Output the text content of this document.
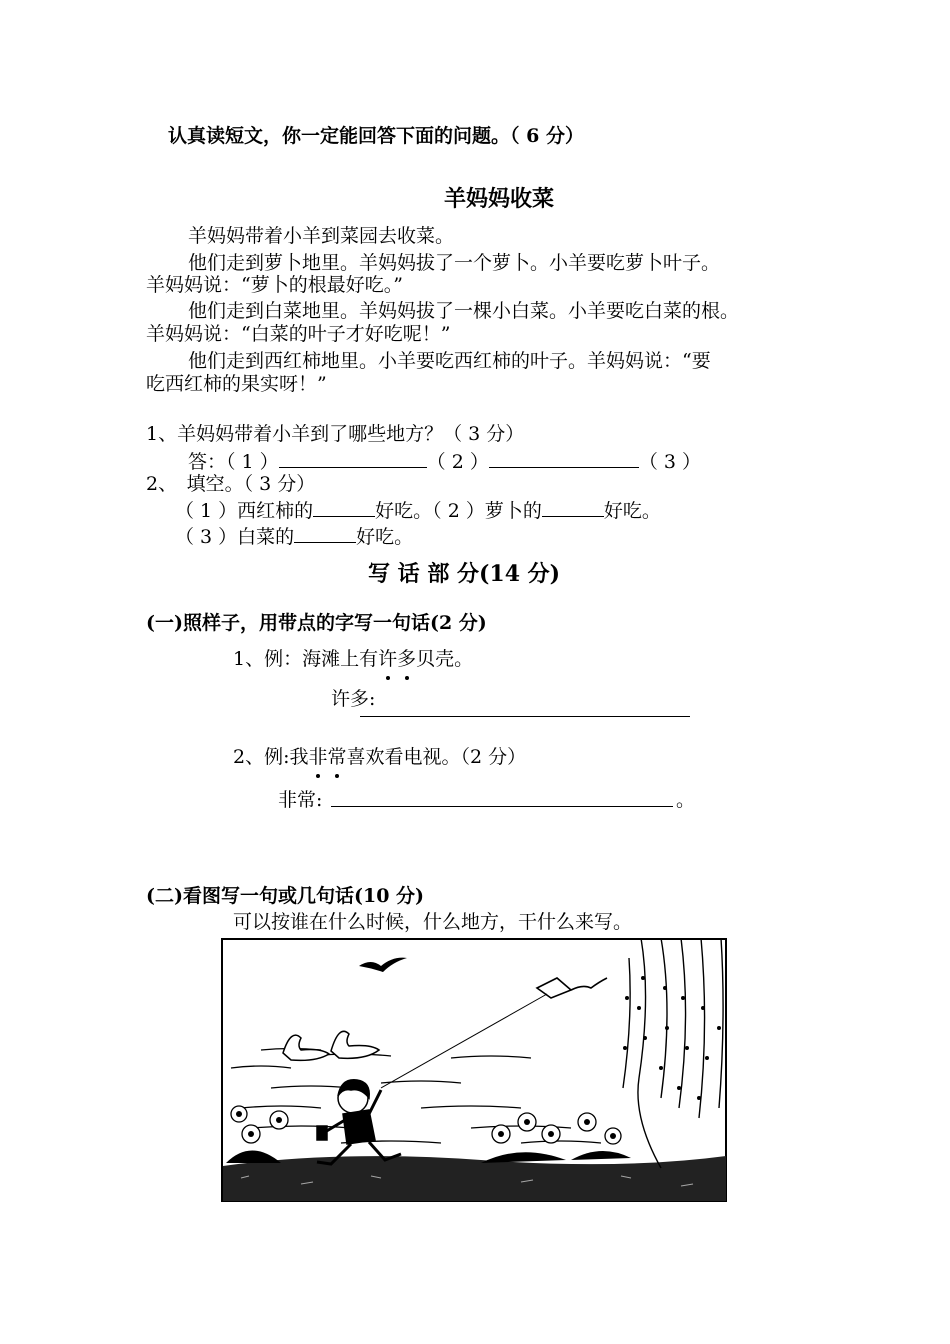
认真读短文，你一定能回答下面的问题。（ 6 分）
羊妈妈收菜
羊妈妈带着小羊到菜园去收菜。
他们走到萝卜地里。羊妈妈拔了一个萝卜。小羊要吃萝卜叶子。
羊妈妈说：“萝卜的根最好吃。”
他们走到白菜地里。羊妈妈拔了一棵小白菜。小羊要吃白菜的根。
羊妈妈说：“白菜的叶子才好吃呢！”
他们走到西红柿地里。小羊要吃西红柿的叶子。羊妈妈说：“要
吃西红柿的果实呀！”
1、羊妈妈带着小羊到了哪些地方？（ 3 分）
答：（ 1 ）	（ 2 ）	（ 3 ）
2、　填空。（ 3 分）
（ 1 ）西红柿的	好吃。（ 2 ）萝卜的	好吃。
（ 3 ）白菜的	好吃。
写 话 部 分(14 分)
(一)照样子，用带点的字写一句话(2 分)
1、例：海滩上有许多贝壳。
许多:
2、例:我非常喜欢看电视。（2 分）
非常:	。
(二)看图写一句或几句话(10 分)
可以按谁在什么时候，什么地方，干什么来写。
